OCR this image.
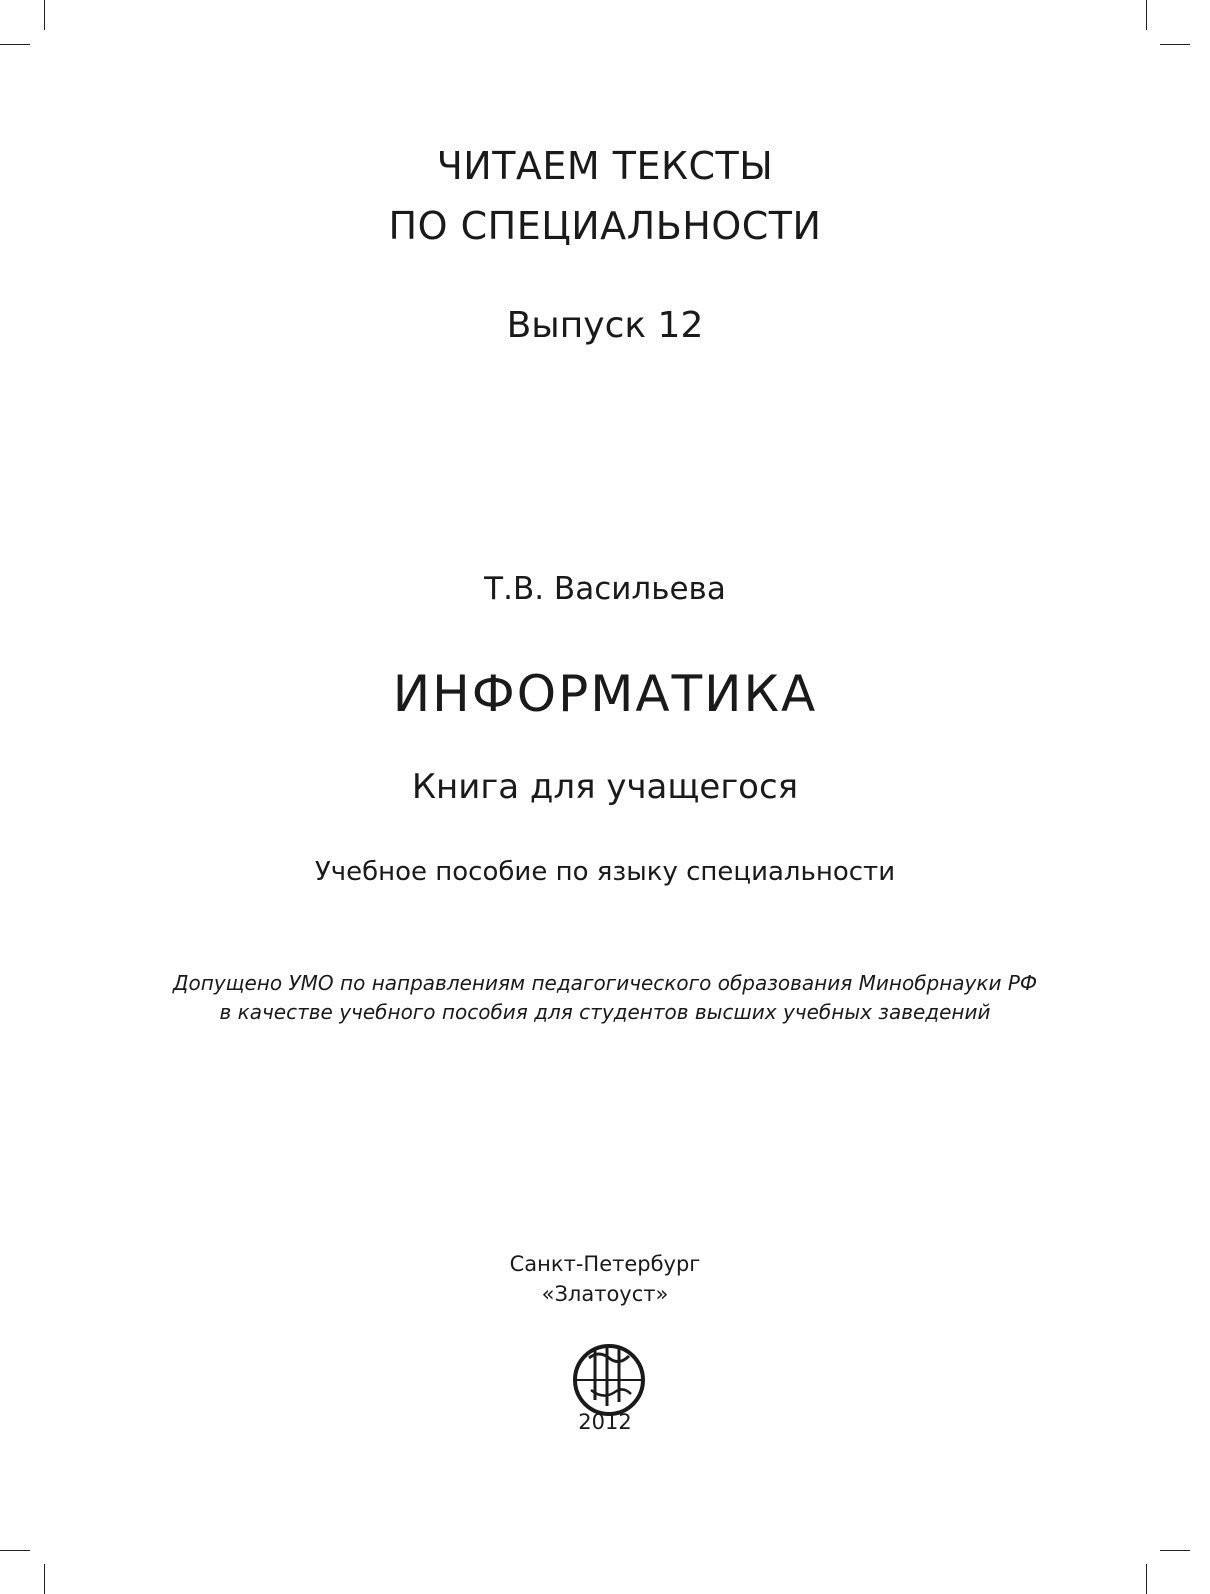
ЧИТАЕМ ТЕКСТЫ
ПО СПЕЦИАЛЬНОСТИ
Выпуск 12
Т.В. Васильева
ИНФОРМАТИКА
Книга для учащегося
Учебное пособие по языку специальности
Допущено УМО по направлениям педагогического образования Минобрнауки РФ
в качестве учебного пособия для студентов высших учебных заведений
Санкт-Петербург
«Златоуст»
2012
